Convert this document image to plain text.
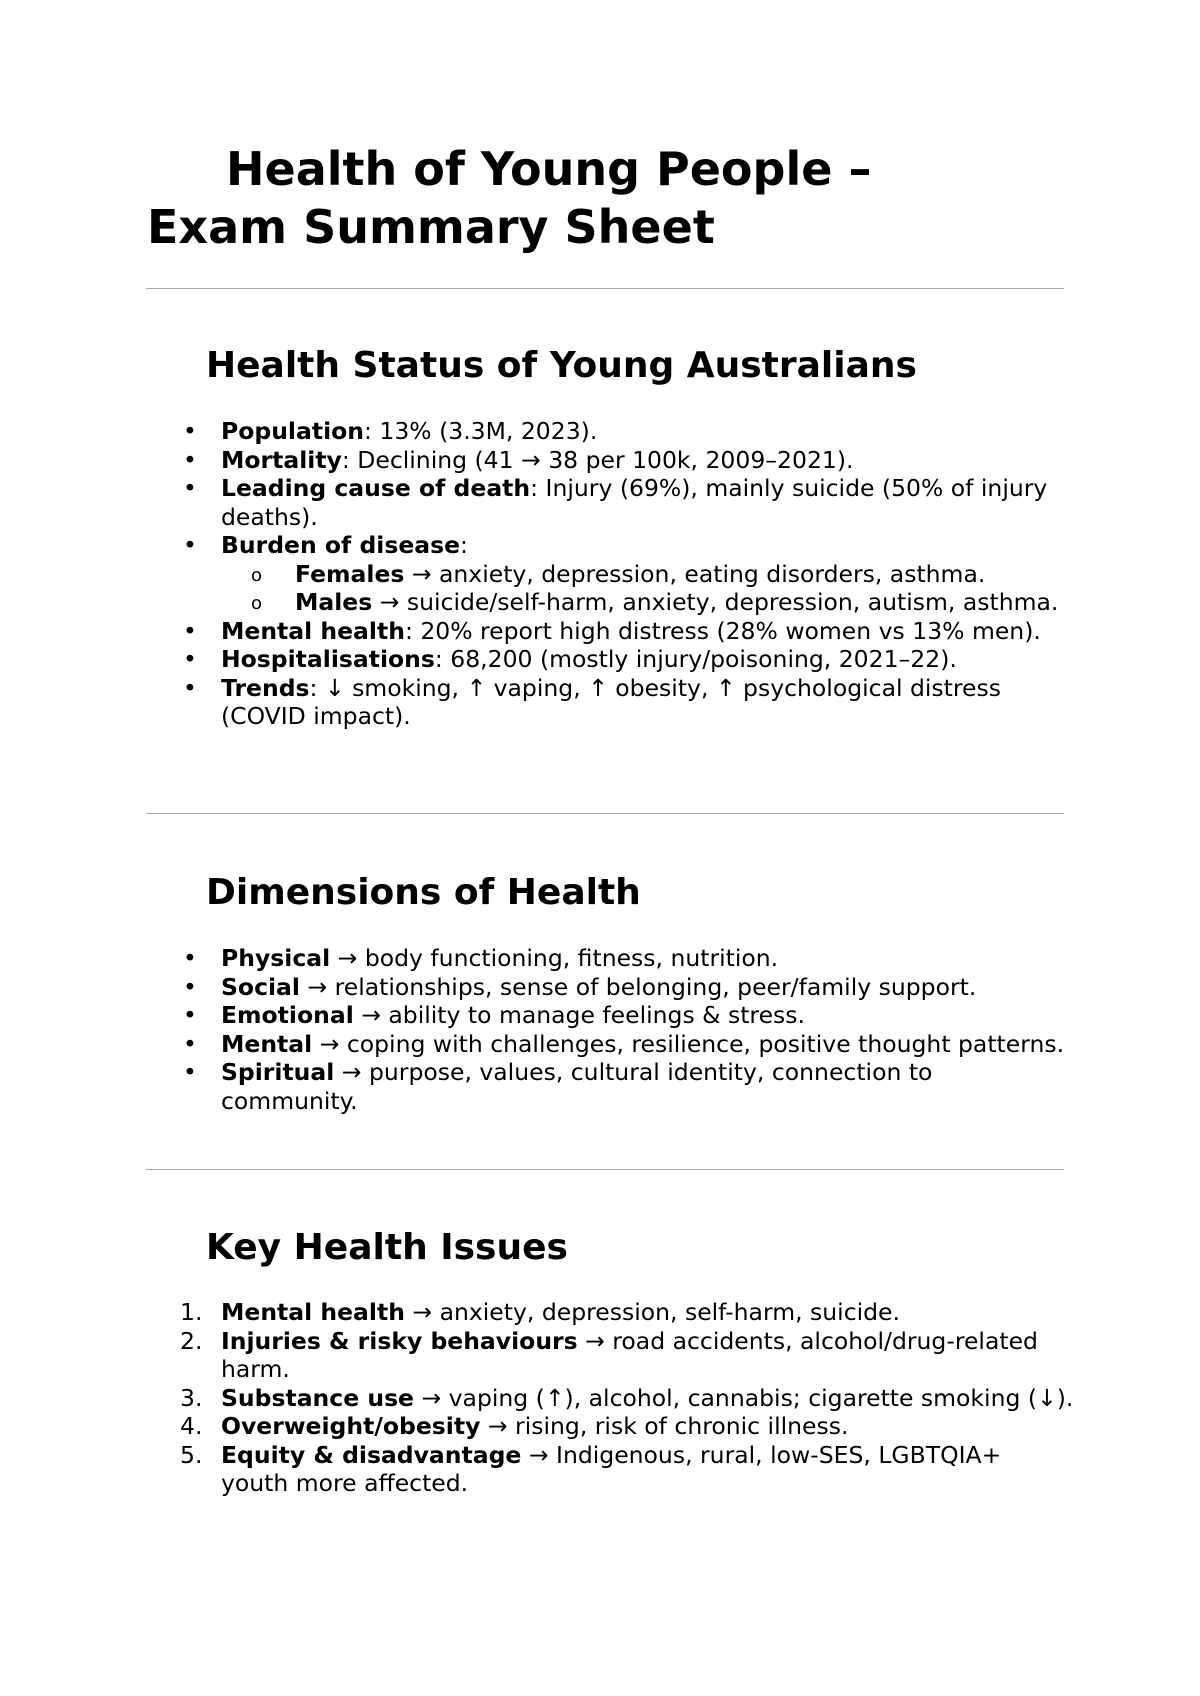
Health of Young People –
Exam Summary Sheet
Health Status of Young Australians
• Population: 13% (3.3M, 2023).
• Mortality: Declining (41 → 38 per 100k, 2009–2021).
• Leading cause of death: Injury (69%), mainly suicide (50% of injury deaths).
• Burden of disease:
o Females → anxiety, depression, eating disorders, asthma.
o Males → suicide/self-harm, anxiety, depression, autism, asthma.
• Mental health: 20% report high distress (28% women vs 13% men).
• Hospitalisations: 68,200 (mostly injury/poisoning, 2021–22).
• Trends: ↓ smoking, ↑ vaping, ↑ obesity, ↑ psychological distress (COVID impact).
Dimensions of Health
• Physical → body functioning, fitness, nutrition.
• Social → relationships, sense of belonging, peer/family support.
• Emotional → ability to manage feelings & stress.
• Mental → coping with challenges, resilience, positive thought patterns.
• Spiritual → purpose, values, cultural identity, connection to community.
Key Health Issues
1. Mental health → anxiety, depression, self-harm, suicide.
2. Injuries & risky behaviours → road accidents, alcohol/drug-related harm.
3. Substance use → vaping (↑), alcohol, cannabis; cigarette smoking (↓).
4. Overweight/obesity → rising, risk of chronic illness.
5. Equity & disadvantage → Indigenous, rural, low-SES, LGBTQIA+ youth more affected.
